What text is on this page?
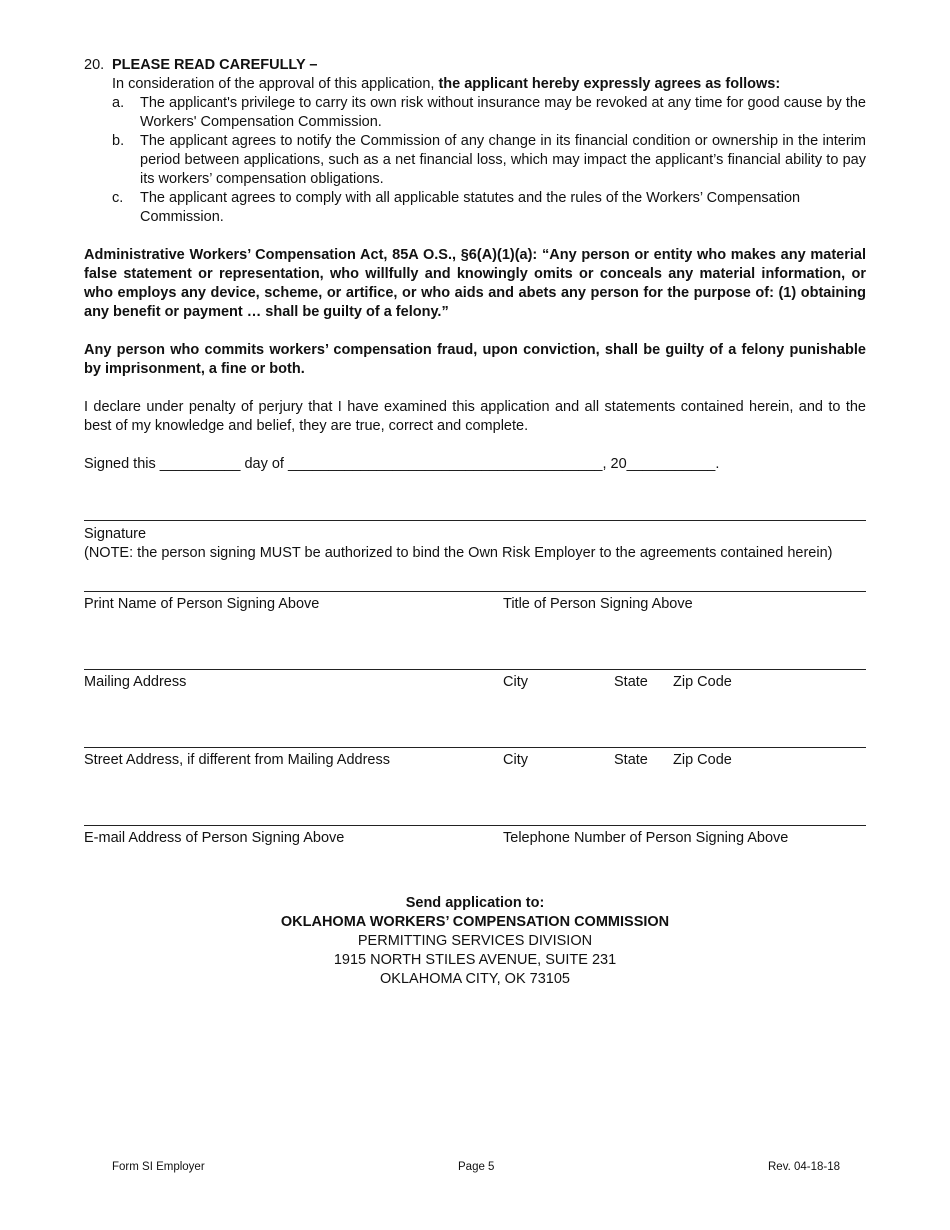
20. PLEASE READ CAREFULLY –
In consideration of the approval of this application, the applicant hereby expressly agrees as follows:
a. The applicant's privilege to carry its own risk without insurance may be revoked at any time for good cause by the Workers' Compensation Commission.
b. The applicant agrees to notify the Commission of any change in its financial condition or ownership in the interim period between applications, such as a net financial loss, which may impact the applicant’s financial ability to pay its workers’ compensation obligations.
c. The applicant agrees to comply with all applicable statutes and the rules of the Workers’ Compensation Commission.
Administrative Workers’ Compensation Act, 85A O.S., §6(A)(1)(a): “Any person or entity who makes any material false statement or representation, who willfully and knowingly omits or conceals any material information, or who employs any device, scheme, or artifice, or who aids and abets any person for the purpose of: (1) obtaining any benefit or payment … shall be guilty of a felony.”
Any person who commits workers’ compensation fraud, upon conviction, shall be guilty of a felony punishable by imprisonment, a fine or both.
I declare under penalty of perjury that I have examined this application and all statements contained herein, and to the best of my knowledge and belief, they are true, correct and complete.
Signed this __________ day of _______________________________________, 20___________.
Signature
(NOTE: the person signing MUST be authorized to bind the Own Risk Employer to the agreements contained herein)
Print Name of Person Signing Above	Title of Person Signing Above
Mailing Address	City	State Zip Code
Street Address, if different from Mailing Address	City	State Zip Code
E-mail Address of Person Signing Above	Telephone Number of Person Signing Above
Send application to:
OKLAHOMA WORKERS’ COMPENSATION COMMISSION
PERMITTING SERVICES DIVISION
1915 NORTH STILES AVENUE, SUITE 231
OKLAHOMA CITY, OK 73105
Form SI Employer	Page 5	Rev. 04-18-18
